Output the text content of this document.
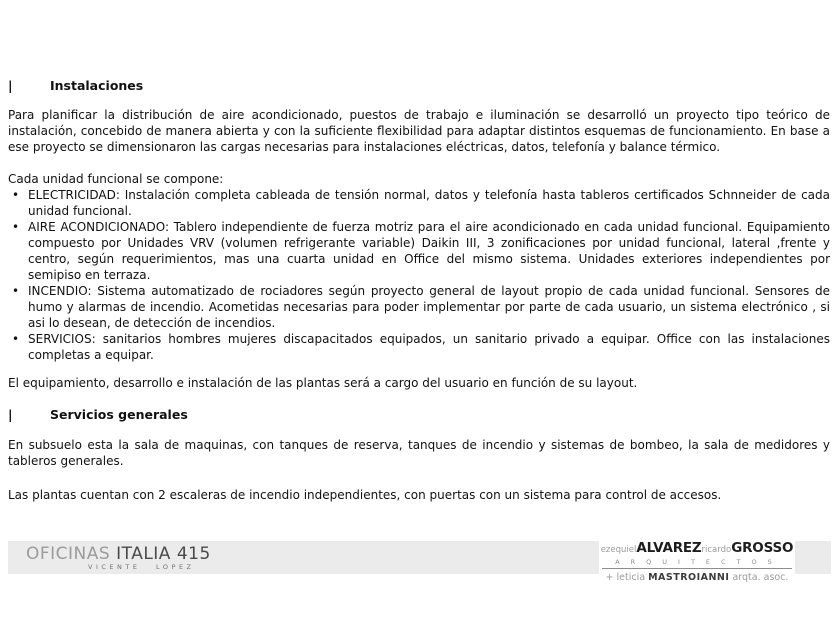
|	Instalaciones

Para planificar la distribución de aire acondicionado, puestos de trabajo e iluminación se desarrolló un proyecto tipo teórico de instalación, concebido de manera abierta y con la suficiente flexibilidad para adaptar distintos esquemas de funcionamiento. En base a ese proyecto se dimensionaron las cargas necesarias para instalaciones eléctricas, datos, telefonía y balance térmico.

Cada unidad funcional se compone:

• ELECTRICIDAD: Instalación completa cableada de tensión normal, datos y telefonía hasta tableros certificados Schnneider de cada unidad funcional.
• AIRE ACONDICIONADO: Tablero independiente de fuerza motriz para el aire acondicionado en cada unidad funcional. Equipamiento compuesto por Unidades VRV (volumen refrigerante variable) Daikin III, 3 zonificaciones por unidad funcional, lateral ,frente y centro, según requerimientos, mas una cuarta unidad en Office del mismo sistema. Unidades exteriores independientes por semipiso en terraza.
• INCENDIO: Sistema automatizado de rociadores según proyecto general de layout propio de cada unidad funcional. Sensores de humo y alarmas de incendio. Acometidas necesarias para poder implementar por parte de cada usuario, un sistema electrónico , si asi lo desean, de detección de incendios.
• SERVICIOS: sanitarios hombres mujeres discapacitados equipados, un sanitario privado a equipar. Office con las instalaciones completas a equipar.

El equipamiento, desarrollo e instalación de las plantas será a cargo del usuario en función de su layout.

|	Servicios generales

En subsuelo esta la sala de maquinas, con tanques de reserva, tanques de incendio y sistemas de bombeo, la sala de medidores y tableros generales.

Las plantas cuentan con 2 escaleras de incendio independientes, con puertas con un sistema para control de accesos.

OFICINAS ITALIA 415
VICENTE LOPEZ
ezequielALVAREZricardoGROSSO
ARQUITECTOS
+ leticia MASTROIANNI arqta. asoc.
